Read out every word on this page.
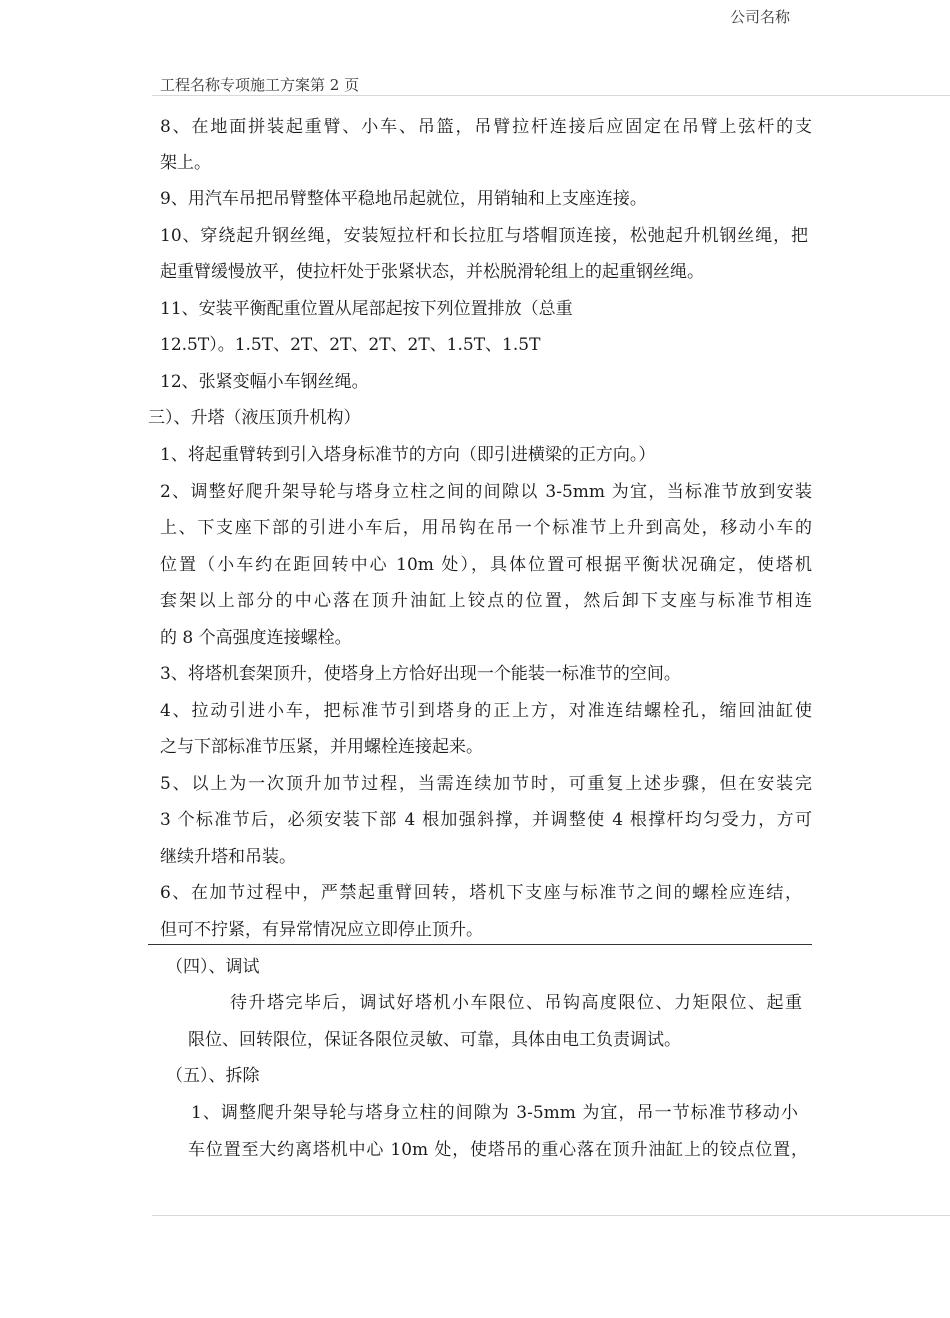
公司名称
工程名称专项施工方案第 2 页
8、在地面拼装起重臂、小车、吊篮，吊臂拉杆连接后应固定在吊臂上弦杆的支
架上。
9、用汽车吊把吊臂整体平稳地吊起就位，用销轴和上支座连接。
10、穿绕起升钢丝绳，安装短拉杆和长拉肛与塔帽顶连接，松弛起升机钢丝绳，把
起重臂缓慢放平，使拉杆处于张紧状态，并松脱滑轮组上的起重钢丝绳。
11、安装平衡配重位置从尾部起按下列位置排放（总重
12.5T）。1.5T、2T、2T、2T、2T、1.5T、1.5T
12、张紧变幅小车钢丝绳。
三）、升塔（液压顶升机构）
1、将起重臂转到引入塔身标准节的方向（即引进横梁的正方向。）
2、调整好爬升架导轮与塔身立柱之间的间隙以 3-5mm 为宜，当标准节放到安装
上、下支座下部的引进小车后，用吊钩在吊一个标准节上升到高处，移动小车的
位置（小车约在距回转中心 10m 处），具体位置可根据平衡状况确定，使塔机
套架以上部分的中心落在顶升油缸上铰点的位置，然后卸下支座与标准节相连
的 8 个高强度连接螺栓。
3、将塔机套架顶升，使塔身上方恰好出现一个能装一标准节的空间。
4、拉动引进小车，把标准节引到塔身的正上方，对准连结螺栓孔，缩回油缸使
之与下部标准节压紧，并用螺栓连接起来。
5、以上为一次顶升加节过程，当需连续加节时，可重复上述步骤，但在安装完
3 个标准节后，必须安装下部 4 根加强斜撑，并调整使 4 根撑杆均匀受力，方可
继续升塔和吊装。
6、在加节过程中，严禁起重臂回转，塔机下支座与标准节之间的螺栓应连结，
但可不拧紧，有异常情况应立即停止顶升。
（四）、调试
待升塔完毕后，调试好塔机小车限位、吊钩高度限位、力矩限位、起重
限位、回转限位，保证各限位灵敏、可靠，具体由电工负责调试。
（五）、拆除
1、调整爬升架导轮与塔身立柱的间隙为 3-5mm 为宜，吊一节标准节移动小
车位置至大约离塔机中心 10m 处，使塔吊的重心落在顶升油缸上的铰点位置，
